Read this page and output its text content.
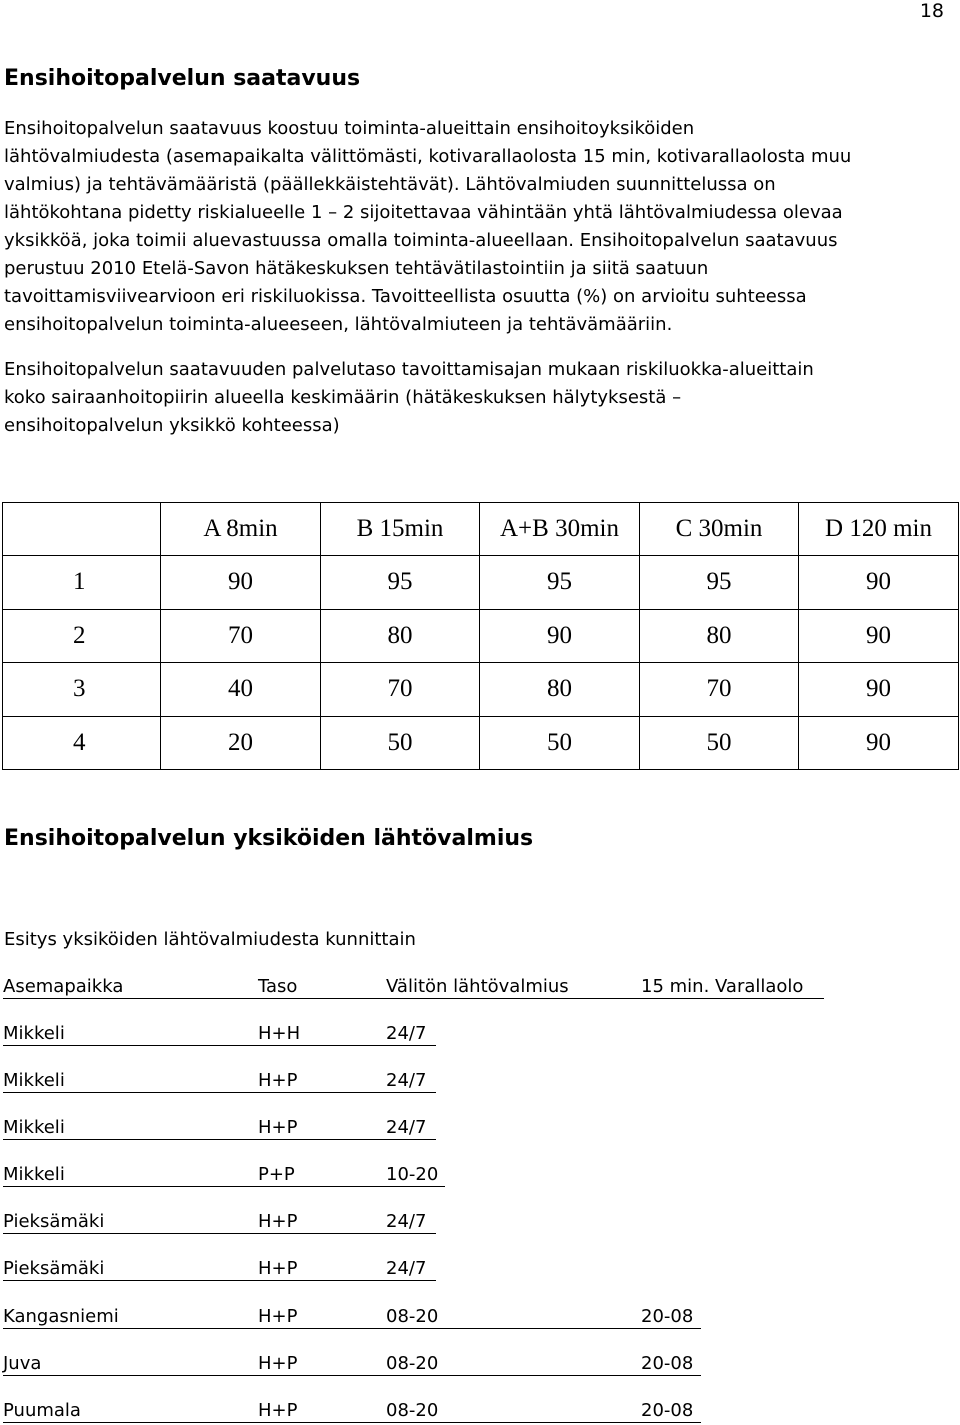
18
Ensihoitopalvelun saatavuus

Ensihoitopalvelun saatavuus koostuu toiminta-alueittain ensihoitoyksiköiden
lähtövalmiudesta (asemapaikalta välittömästi, kotivarallaolosta 15 min, kotivarallaolosta muu
valmius) ja tehtävämääristä (päällekkäistehtävät). Lähtövalmiuden suunnittelussa on
lähtökohtana pidetty riskialueelle 1 – 2 sijoitettavaa vähintään yhtä lähtövalmiudessa olevaa
yksikköä, joka toimii aluevastuussa omalla toiminta-alueellaan. Ensihoitopalvelun saatavuus
perustuu 2010 Etelä-Savon hätäkeskuksen tehtävätilastointiin ja siitä saatuun
tavoittamisviivearvioon eri riskiluokissa. Tavoitteellista osuutta (%) on arvioitu suhteessa
ensihoitopalvelun toiminta-alueeseen, lähtövalmiuteen ja tehtävämääriin.

Ensihoitopalvelun saatavuuden palvelutaso tavoittamisajan mukaan riskiluokka-alueittain
koko sairaanhoitopiirin alueella keskimäärin (hätäkeskuksen hälytyksestä –
ensihoitopalvelun yksikkö kohteessa)

	A 8min	B 15min	A+B 30min	C 30min	D 120 min
1	90	95	95	95	90
2	70	80	90	80	90
3	40	70	80	70	90
4	20	50	50	50	90
Ensihoitopalvelun yksiköiden lähtövalmius
Esitys yksiköiden lähtövalmiudesta kunnittain
Asemapaikka	Taso	Välitön lähtövalmius	15 min. Varallaolo
Mikkeli	H+H	24/7
Mikkeli	H+P	24/7
Mikkeli	H+P	24/7
Mikkeli	P+P	10-20
Pieksämäki	H+P	24/7
Pieksämäki	H+P	24/7
Kangasniemi	H+P	08-20	20-08
Juva	H+P	08-20	20-08
Puumala	H+P	08-20	20-08
